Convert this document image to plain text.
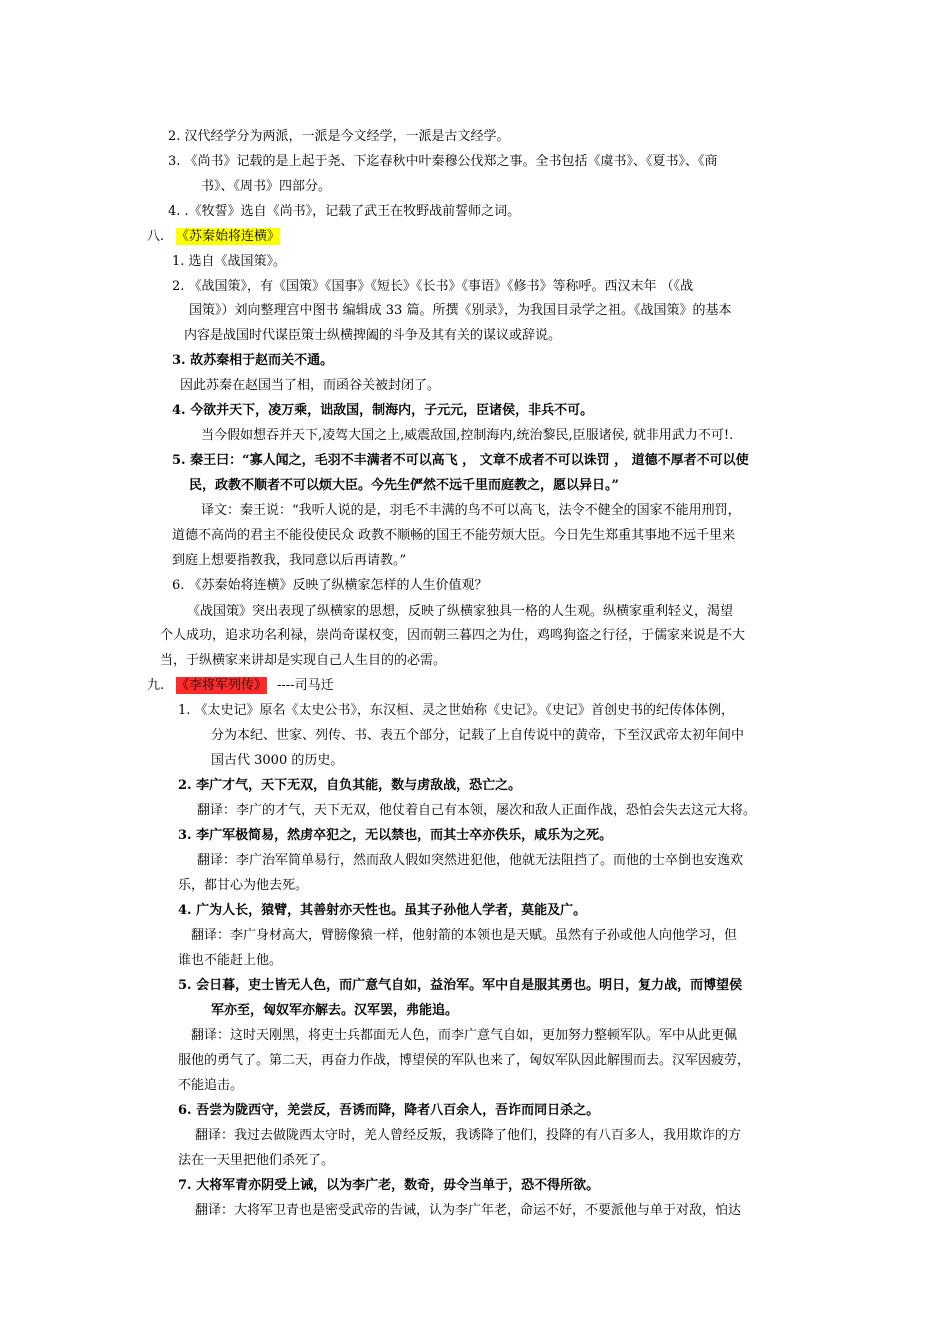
2. 汉代经学分为两派，一派是今文经学，一派是古文经学。
3. 《尚书》记载的是上起于尧、下迄春秋中叶秦穆公伐郑之事。全书包括《虞书》、《夏书》、《商
书》、《周书》四部分。
4. .《牧誓》选自《尚书》，记载了武王在牧野战前誓师之词。
八. 《苏秦始将连横》
1. 选自《战国策》。
2. 《战国策》，有《国策》《国事》《短长》《长书》《事语》《修书》等称呼。西汉末年 （《战
国策》）刘向整理宫中图书 编辑成 33 篇。所撰《别录》，为我国目录学之祖。《战国策》的基本
内容是战国时代谋臣策士纵横捭阖的斗争及其有关的谋议或辞说。
3. 故苏秦相于赵而关不通。
因此苏秦在赵国当了相，而函谷关被封闭了。
4. 今欲并天下，凌万乘，诎敌国，制海内，子元元，臣诸侯，非兵不可。
当今假如想吞并天下,凌驾大国之上,威震敌国,控制海内,统治黎民,臣服诸侯, 就非用武力不可!.
5. 秦王曰：“寡人闻之，毛羽不丰满者不可以高飞 ， 文章不成者不可以诛罚 ， 道德不厚者不可以使
民，政教不顺者不可以烦大臣。今先生俨然不远千里而庭教之，愿以异日。”
译文：秦王说：“我听人说的是，羽毛不丰满的鸟不可以高飞，法令不健全的国家不能用刑罚，
道德不高尚的君主不能役使民众 政教不顺畅的国王不能劳烦大臣。今日先生郑重其事地不远千里来
到庭上想要指教我，我同意以后再请教。”
6. 《苏秦始将连横》反映了纵横家怎样的人生价值观？
《战国策》突出表现了纵横家的思想，反映了纵横家独具一格的人生观。纵横家重利轻义，渴望
个人成功，追求功名利禄，崇尚奇谋权变，因而朝三暮四之为仕，鸡鸣狗盗之行径，于儒家来说是不大
当，于纵横家来讲却是实现自己人生目的的必需。
九. 《李将军列传》 ----司马迁
1. 《太史记》原名《太史公书》，东汉桓、灵之世始称《史记》。《史记》首创史书的纪传体体例，
分为本纪、世家、列传、书、表五个部分，记载了上自传说中的黄帝，下至汉武帝太初年间中
国古代 3000 的历史。
2. 李广才气，天下无双，自负其能，数与虏敌战，恐亡之。
翻译：李广的才气，天下无双，他仗着自己有本领，屡次和敌人正面作战，恐怕会失去这元大将。
3. 李广军极简易，然虏卒犯之，无以禁也，而其士卒亦佚乐，咸乐为之死。
翻译：李广治军简单易行，然而敌人假如突然进犯他，他就无法阻挡了。而他的士卒倒也安逸欢
乐，都甘心为他去死。
4. 广为人长，猿臂，其善射亦天性也。虽其子孙他人学者，莫能及广。
翻译：李广身材高大，臂膀像猿一样，他射箭的本领也是天赋。虽然有子孙或他人向他学习，但
谁也不能赶上他。
5. 会日暮，吏士皆无人色，而广意气自如，益治军。军中自是服其勇也。明日，复力战，而博望侯
军亦至，匈奴军亦解去。汉军罢，弗能追。
翻译：这时天刚黑，将吏士兵都面无人色，而李广意气自如，更加努力整顿军队。军中从此更佩
服他的勇气了。第二天，再奋力作战，博望侯的军队也来了，匈奴军队因此解围而去。汉军因疲劳，
不能追击。
6. 吾尝为陇西守，羌尝反，吾诱而降，降者八百余人，吾诈而同日杀之。
翻译：我过去做陇西太守时，羌人曾经反叛，我诱降了他们，投降的有八百多人，我用欺诈的方
法在一天里把他们杀死了。
7. 大将军青亦阴受上诫，以为李广老，数奇，毋令当单于，恐不得所欲。
翻译：大将军卫青也是密受武帝的告诫，认为李广年老，命运不好，不要派他与单于对敌，怕达
